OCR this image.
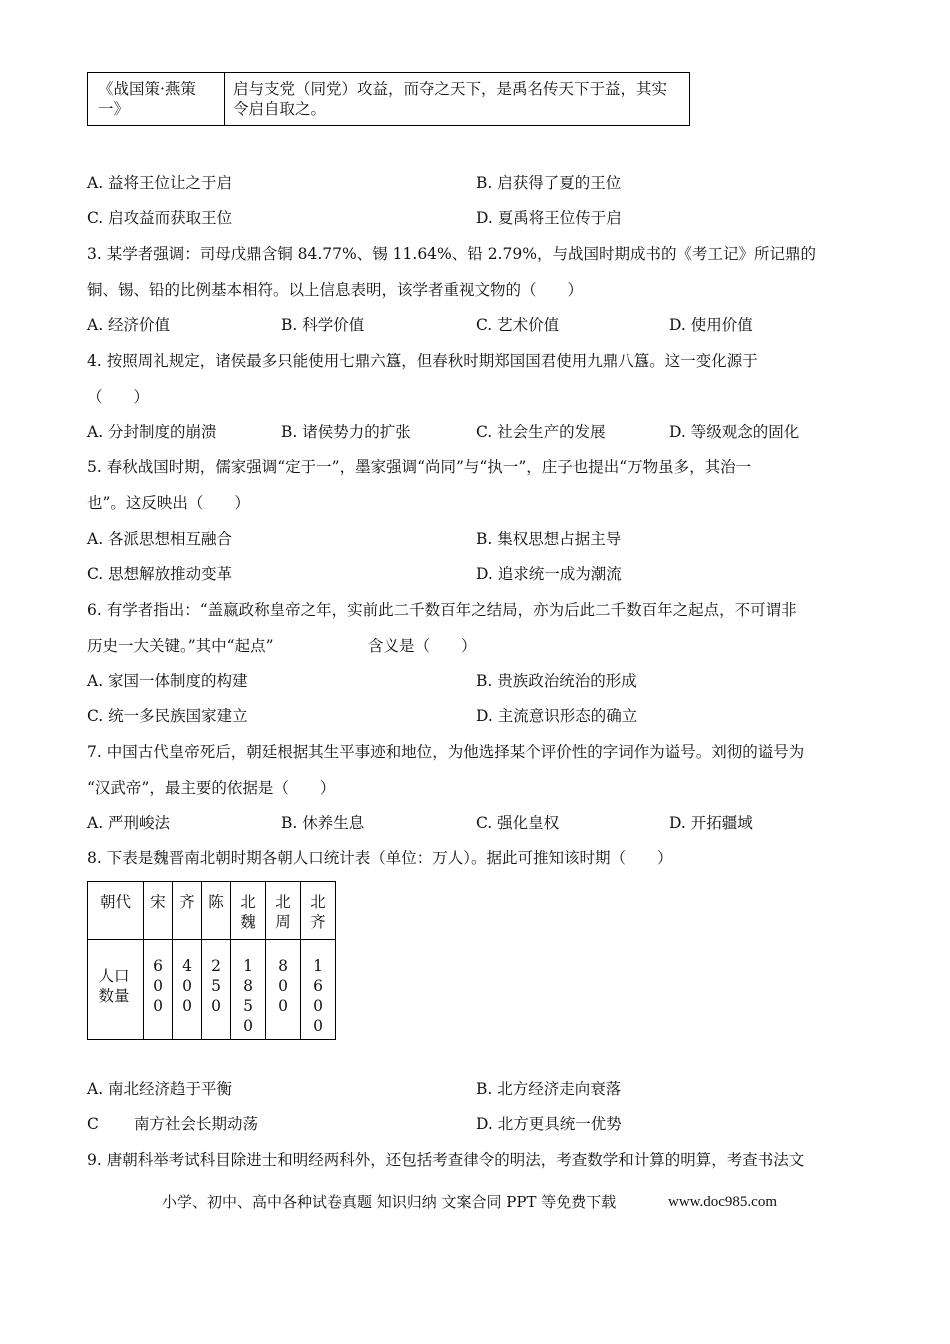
《战国策·燕策一》	启与支党（同党）攻益，而夺之天下，是禹名传天下于益，其实令启自取之。
A. 益将王位让之于启	B. 启获得了夏的王位
C. 启攻益而获取王位	D. 夏禹将王位传于启
3. 某学者强调：司母戊鼎含铜 84.77%、锡 11.64%、铅 2.79%，与战国时期成书的《考工记》所记鼎的
铜、锡、铅的比例基本相符。以上信息表明，该学者重视文物的（　　）
A. 经济价值	B. 科学价值	C. 艺术价值	D. 使用价值
4. 按照周礼规定，诸侯最多只能使用七鼎六簋，但春秋时期郑国国君使用九鼎八簋。这一变化源于
（　　）
A. 分封制度的崩溃	B. 诸侯势力的扩张	C. 社会生产的发展	D. 等级观念的固化
5. 春秋战国时期，儒家强调“定于一”，墨家强调“尚同”与“执一”，庄子也提出“万物虽多，其治一
也”。这反映出（　　）
A. 各派思想相互融合	B. 集权思想占据主导
C. 思想解放推动变革	D. 追求统一成为潮流
6. 有学者指出：“盖嬴政称皇帝之年，实前此二千数百年之结局，亦为后此二千数百年之起点，不可谓非
历史一大关键。”其中“起点”	含义是（　　）
A. 家国一体制度的构建	B. 贵族政治统治的形成
C. 统一多民族国家建立	D. 主流意识形态的确立
7. 中国古代皇帝死后，朝廷根据其生平事迹和地位，为他选择某个评价性的字词作为谥号。刘彻的谥号为
“汉武帝”，最主要的依据是（　　）
A. 严刑峻法	B. 休养生息	C. 强化皇权	D. 开拓疆域
8. 下表是魏晋南北朝时期各朝人口统计表（单位：万人）。据此可推知该时期（　　）
朝代	宋	齐	陈	北魏	北周	北齐
人口数量	600	400	250	1850	800	1600
A. 南北经济趋于平衡	B. 北方经济走向衰落
C 南方社会长期动荡	D. 北方更具统一优势
9. 唐朝科举考试科目除进士和明经两科外，还包括考查律令的明法，考查数学和计算的明算，考查书法文
小学、初中、高中各种试卷真题 知识归纳 文案合同 PPT 等免费下载	www.doc985.com
